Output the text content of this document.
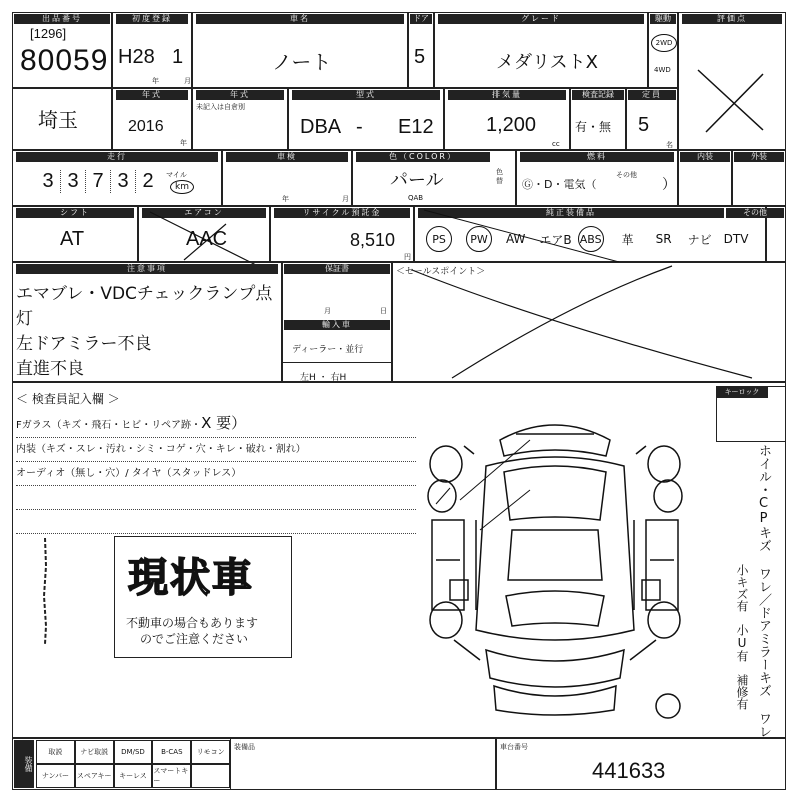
出品番号
[1296]
80059
初度登録
H28 1
年	月
車名
ノート
ドア
5
グレード
メダリストX
駆動
2WD
4WD
評価点
埼玉
年式
2016
年
年式
未記入は自倉別
型式
DBA - E12
排気量
1,200
cc
検査記録
有・無
定員
5
名
走行
3 3 7 3 2	マイル
km
車検
年	月
色（COLOR）
パール
QAB
色替
燃料
Ⓖ・D・電気（
その他
）
内装	外装
シフト
AT
エアコン
AAC
リサイクル預託金
8,510
円
純正装備品	その他
PS	PW	AW エアB ABS 革 SR ナビ DTV
注意事項
エマブレ・VDCチェックランプ点
灯
左ドアミラー不良
直進不良
保証書
月	日
輸入車
ディーラー・並行
左H ・ 右H
＜セールスポイント＞
＜ 検査員記入欄 ＞	キーロック
Fガラス（キズ・飛石・ヒビ・リペア跡・X 要）
内装（キズ・スレ・汚れ・シミ・コゲ・穴・キレ・破れ・割れ）
オーディオ（無し・穴）/ タイヤ（スタッドレス）

現状車
不動車の場合もあります
のでご注意ください	ホイル・CPキズ ワレ／ドアミラーキズ ワレ
小キズ有　小U有　補修有
装備
取説	ナビ取説	DM/SD	B-CAS	リモコン
ナンバー	スペアキー	キーレス
スマートキー
装備品	車台番号
441633
